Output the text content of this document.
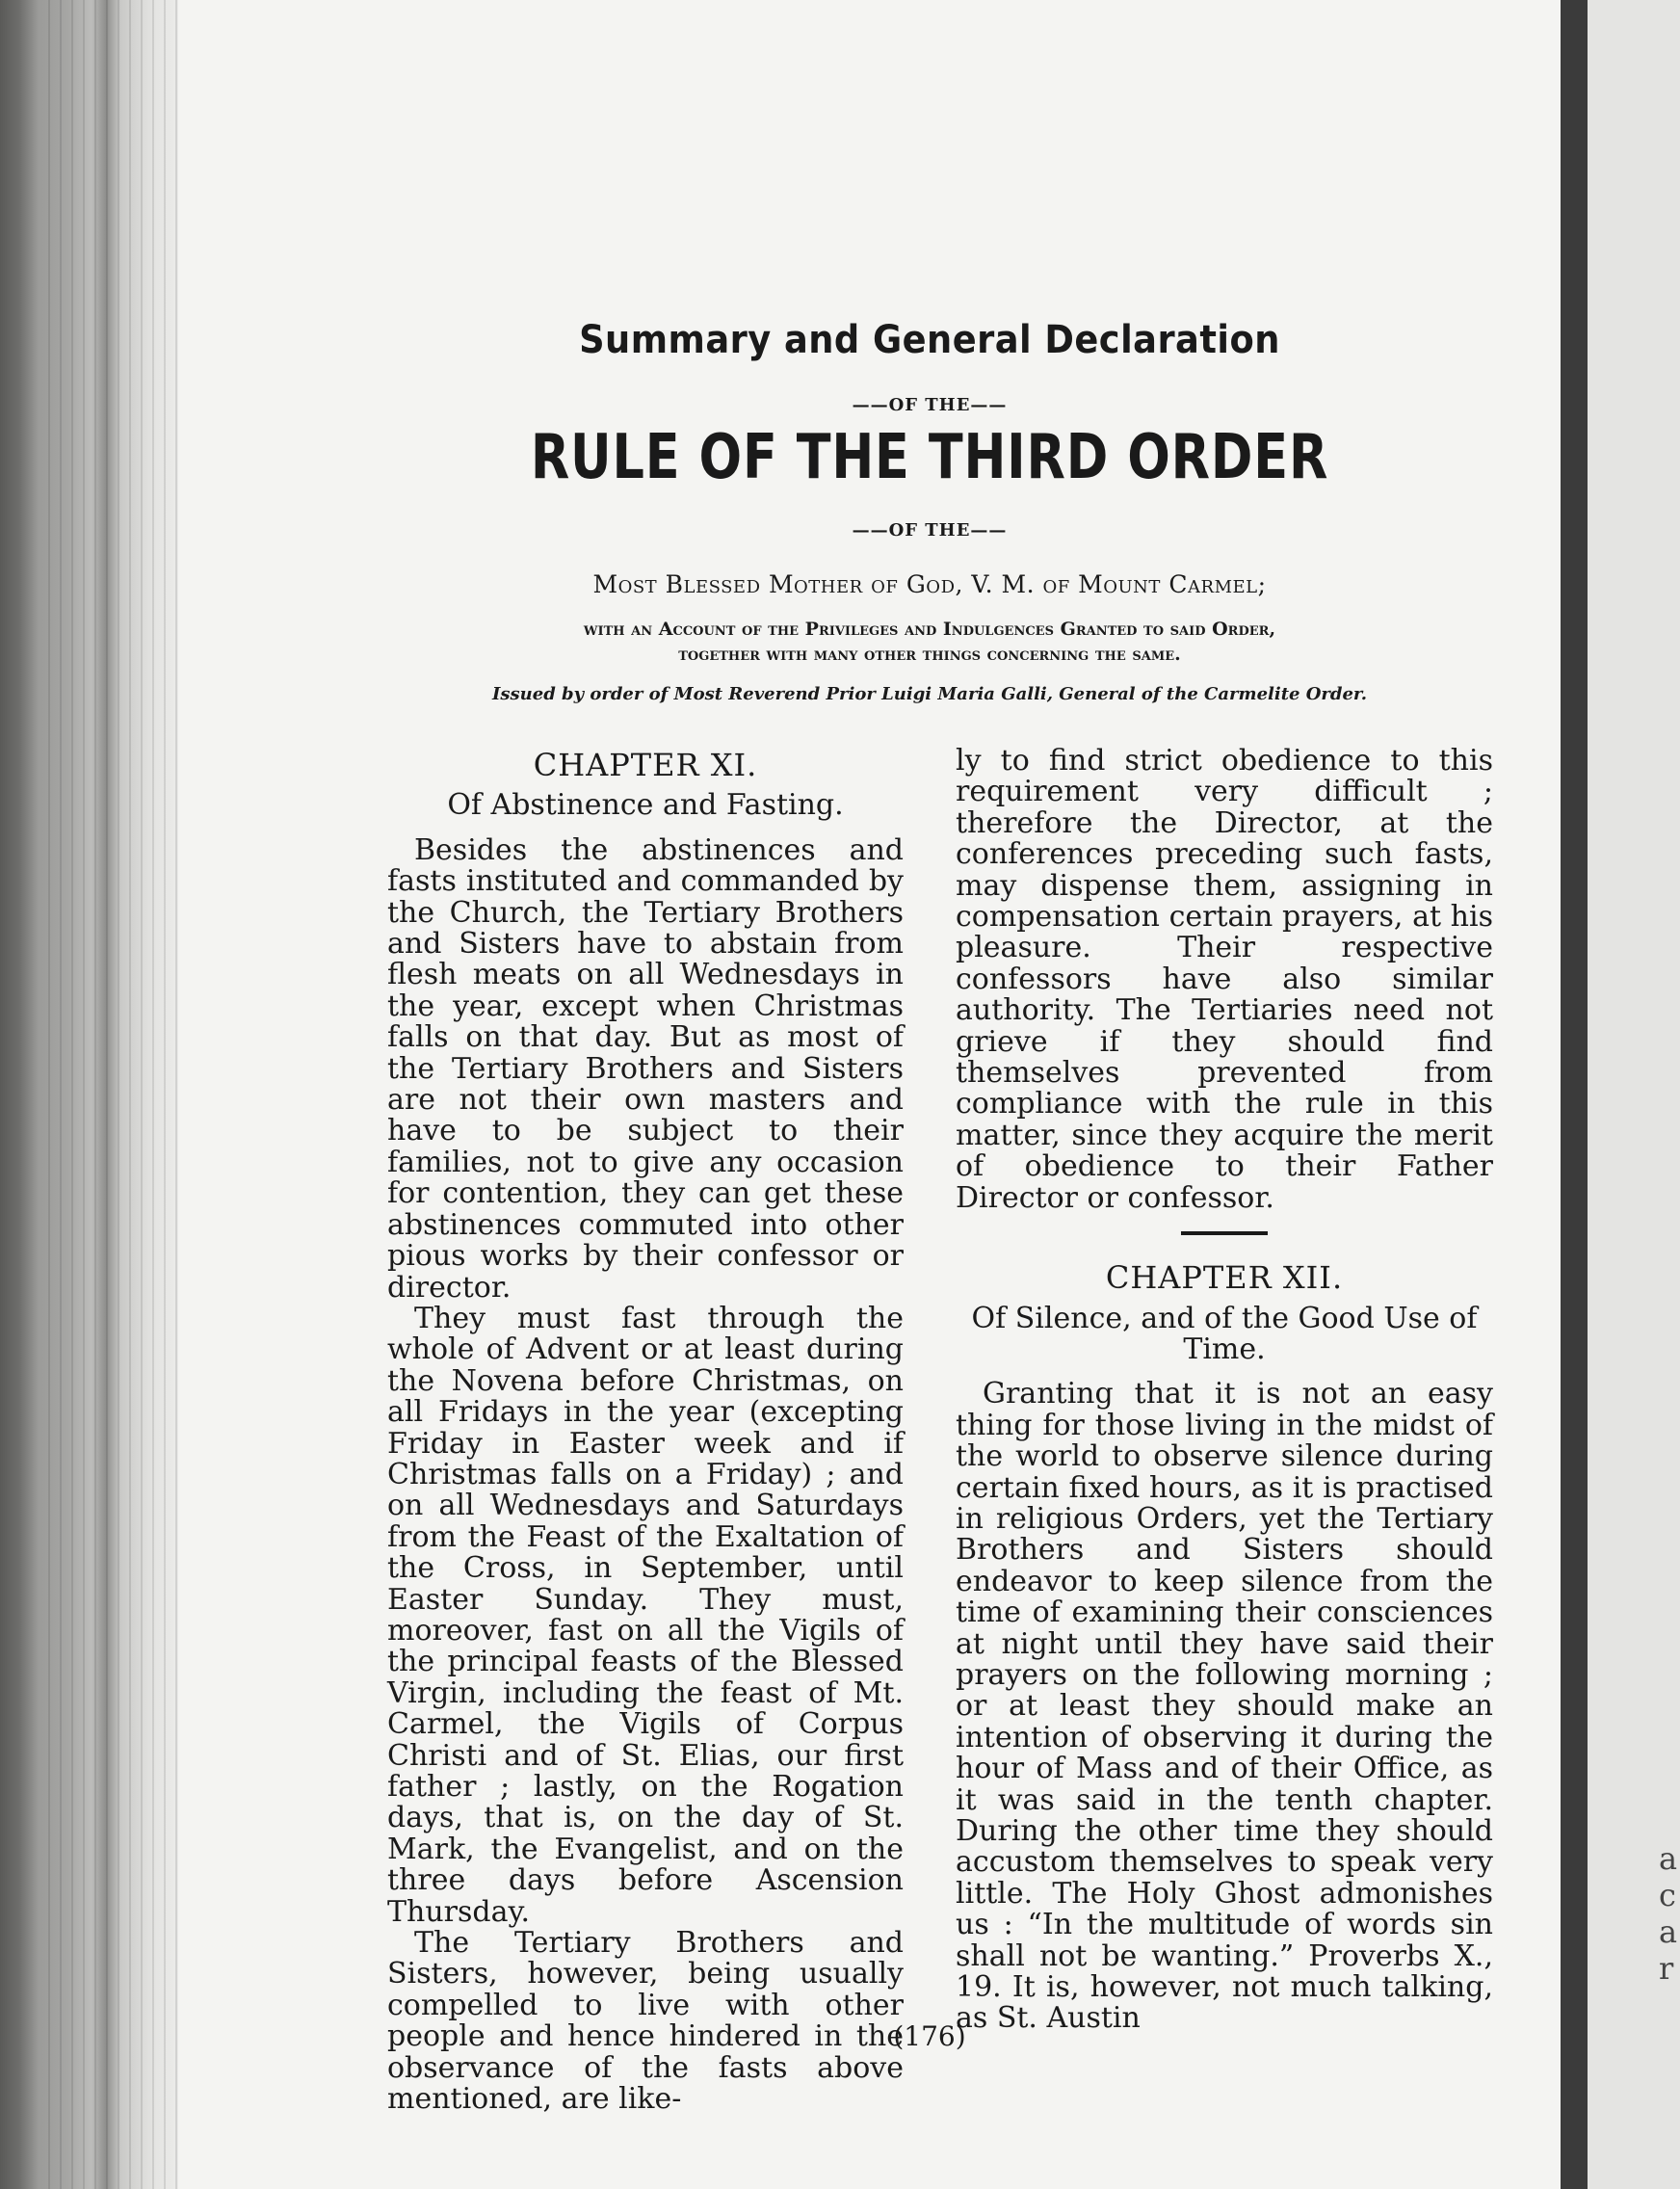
a
c
a
r
Summary and General Declaration
——OF THE——
RULE OF THE THIRD ORDER
——OF THE——
Most Blessed Mother of God, V. M. of Mount Carmel;
with an Account of the Privileges and Indulgences Granted to said Order,
together with many other things concerning the same.
Issued by order of Most Reverend Prior Luigi Maria Galli, General of the Carmelite Order.
CHAPTER XI.
Of Abstinence and Fasting.

Besides the abstinences and fasts instituted and commanded by the Church, the Tertiary Brothers and Sisters have to abstain from flesh meats on all Wednesdays in the year, except when Christmas falls on that day. But as most of the Tertiary Brothers and Sisters are not their own masters and have to be subject to their families, not to give any occasion for contention, they can get these abstinences commuted into other pious works by their confessor or director.

They must fast through the whole of Advent or at least during the Novena before Christmas, on all Fridays in the year (excepting Friday in Easter week and if Christmas falls on a Friday) ; and on all Wednesdays and Saturdays from the Feast of the Exaltation of the Cross, in September, until Easter Sunday. They must, moreover, fast on all the Vigils of the principal feasts of the Blessed Virgin, including the feast of Mt. Carmel, the Vigils of Corpus Christi and of St. Elias, our first father ; lastly, on the Rogation days, that is, on the day of St. Mark, the Evangelist, and on the three days before Ascension Thursday.

The Tertiary Brothers and Sisters, however, being usually compelled to live with other people and hence hindered in the observance of the fasts above mentioned, are like-

ly to find strict obedience to this requirement very difficult ; therefore the Director, at the conferences preceding such fasts, may dispense them, assigning in compensation certain prayers, at his pleasure. Their respective confessors have also similar authority. The Tertiaries need not grieve if they should find themselves prevented from compliance with the rule in this matter, since they acquire the merit of obedience to their Father Director or confessor.

CHAPTER XII.
Of Silence, and of the Good Use of Time.

Granting that it is not an easy thing for those living in the midst of the world to observe silence during certain fixed hours, as it is practised in religious Orders, yet the Tertiary Brothers and Sisters should endeavor to keep silence from the time of examining their consciences at night until they have said their prayers on the following morning ; or at least they should make an intention of observing it during the hour of Mass and of their Office, as it was said in the tenth chapter. During the other time they should accustom themselves to speak very little. The Holy Ghost admonishes us : “In the multitude of words sin shall not be wanting.” Proverbs X., 19. It is, however, not much talking, as St. Austin

(176)
